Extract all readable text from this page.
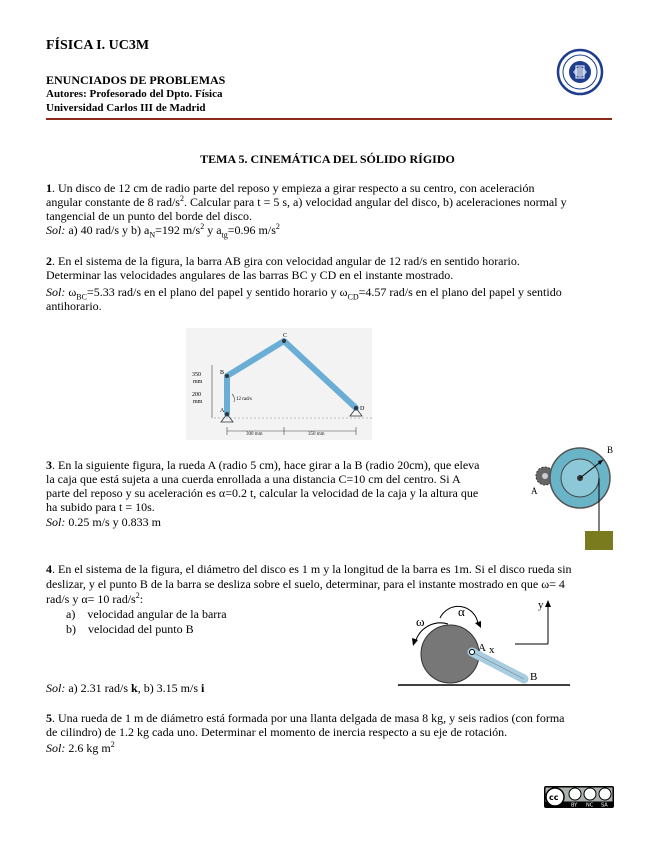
FÍSICA I. UC3M
ENUNCIADOS DE PROBLEMAS
Autores: Profesorado del Dpto. Física
Universidad Carlos III de Madrid
TEMA 5. CINEMÁTICA DEL SÓLIDO RÍGIDO
1. Un disco de 12 cm de radio parte del reposo y empieza a girar respecto a su centro, con aceleración
angular constante de 8 rad/$s^2$. Calcular para t = 5 s, a) velocidad angular del disco, b) aceleraciones normal y
tangencial de un punto del borde del disco.
Sol: a) 40 rad/s y b) $a_N=192$ $m/s^2$ y $a_{tg}=0.96$ $m/s^2$
2. En el sistema de la figura, la barra AB gira con velocidad angular de 12 rad/s en sentido horario.
Determinar las velocidades angulares de las barras BC y CD en el instante mostrado.
Sol: $\omega_{BC}=5.33$ rad/s en el plano del papel y sentido horario y $\omega_{CD}=4.57$ rad/s en el plano del papel y sentido
antihorario.
350
mm
200
mm
A
B
C
D
12 rad/s
300 mm	350 mm
3. En la siguiente figura, la rueda A (radio 5 cm), hace girar a la B (radio 20cm), que eleva
la caja que está sujeta a una cuerda enrollada a una distancia C=10 cm del centro. Si A
parte del reposo y su aceleración es α=0.2 t, calcular la velocidad de la caja y la altura que
ha subido para t = 10s.
Sol: 0.25 m/s y 0.833 m
A
B
4. En el sistema de la figura, el diámetro del disco es 1 m y la longitud de la barra es 1m. Si el disco rueda sin
deslizar, y el punto B de la barra se desliza sobre el suelo, determinar, para el instante mostrado en que ω= 4
rad/s y α= 10 rad/$s^2$:
a) velocidad angular de la barra
b) velocidad del punto B
Sol: a) 2.31 rad/s k, b) 3.15 m/s i
y
x
A
B
ω
α
5. Una rueda de 1 m de diámetro está formada por una llanta delgada de masa 8 kg, y seis radios (con forma
de cilindro) de 1.2 kg cada uno. Determinar el momento de inercia respecto a su eje de rotación.
Sol: 2.6 kg $m^2$
cc
BY NC SA
